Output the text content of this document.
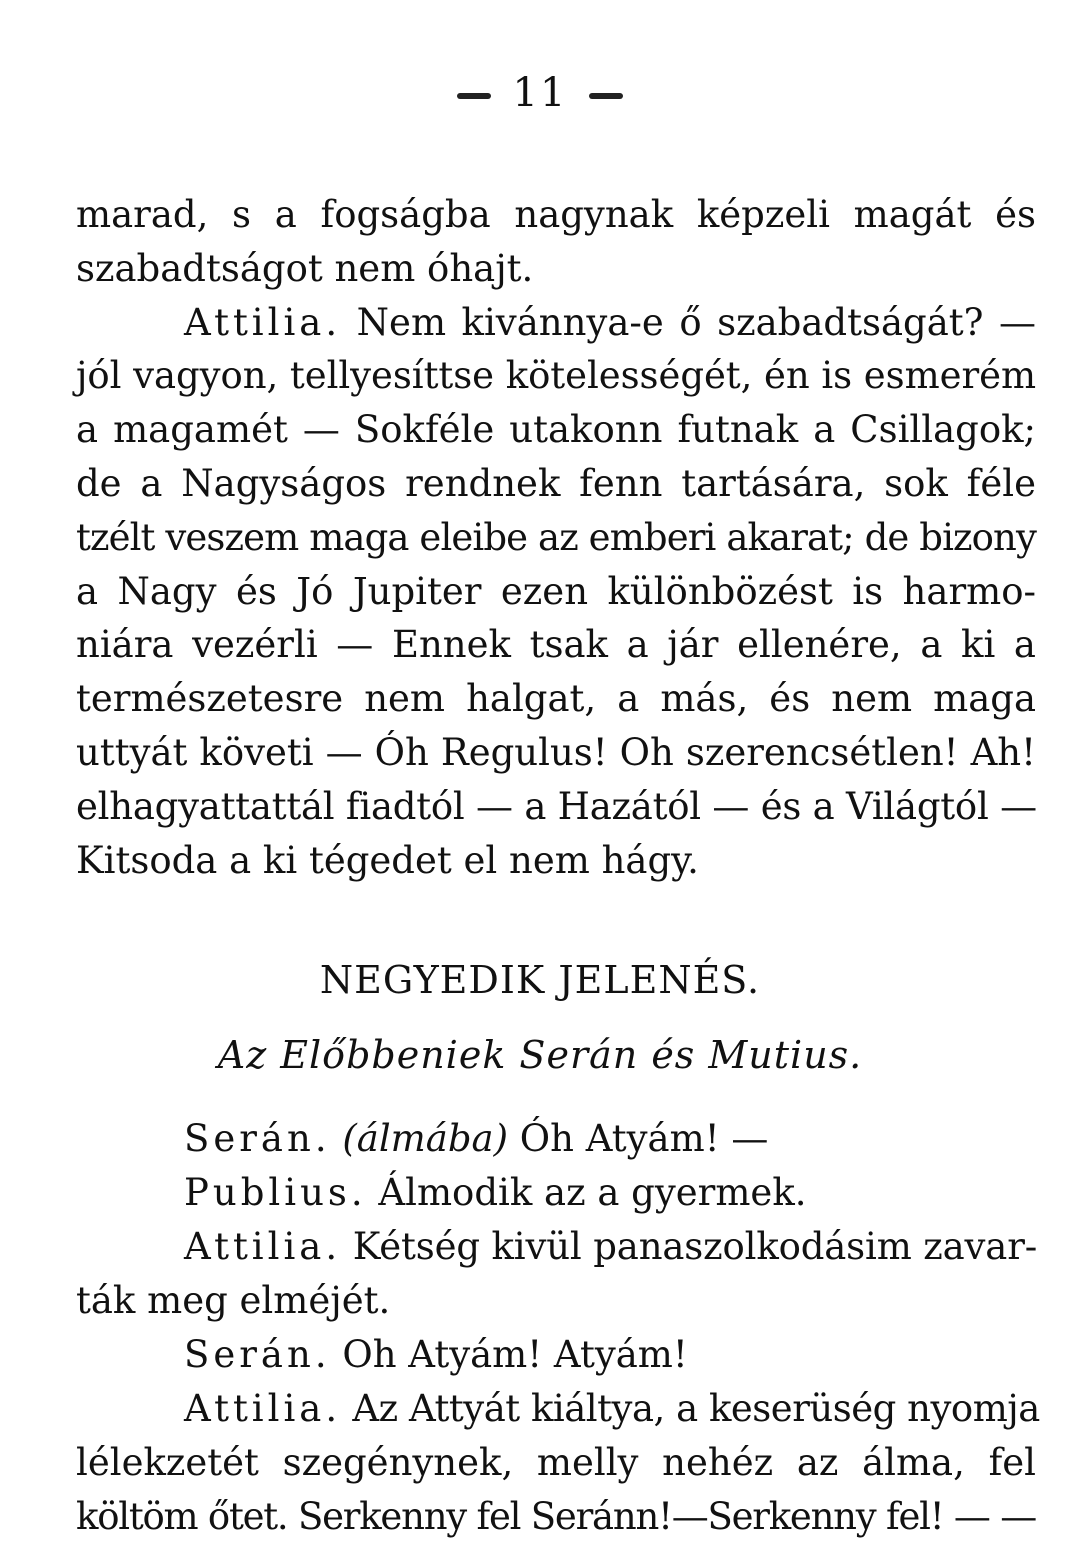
11
marad, s a fogságba nagynak képzeli magát és
szabadtságot nem óhajt.
Attilia. Nem kivánnya-e ő szabadtságát? —
jól vagyon, tellyesíttse kötelességét, én is esmerém
a magamét — Sokféle utakonn futnak a Csillagok;
de a Nagyságos rendnek fenn tartására, sok féle
tzélt veszem maga eleibe az emberi akarat; de bizony
a Nagy és Jó Jupiter ezen különbözést is harmo-
niára vezérli — Ennek tsak a jár ellenére, a ki a
természetesre nem halgat, a más, és nem maga
uttyát követi — Óh Regulus! Oh szerencsétlen! Ah!
elhagyattattál fiadtól — a Hazától — és a Világtól —
Kitsoda a ki tégedet el nem hágy.
NEGYEDIK JELENÉS.
Az Előbbeniek Serán és Mutius.
Serán. (álmába) Óh Atyám! —
Publius. Álmodik az a gyermek.
Attilia. Kétség kivül panaszolkodásim zavar-
ták meg elméjét.
Serán. Oh Atyám! Atyám!
Attilia. Az Attyát kiáltya, a keserüség nyomja
lélekzetét szegénynek, melly nehéz az álma, fel
költöm őtet. Serkenny fel Seránn!—Serkenny fel! — —
